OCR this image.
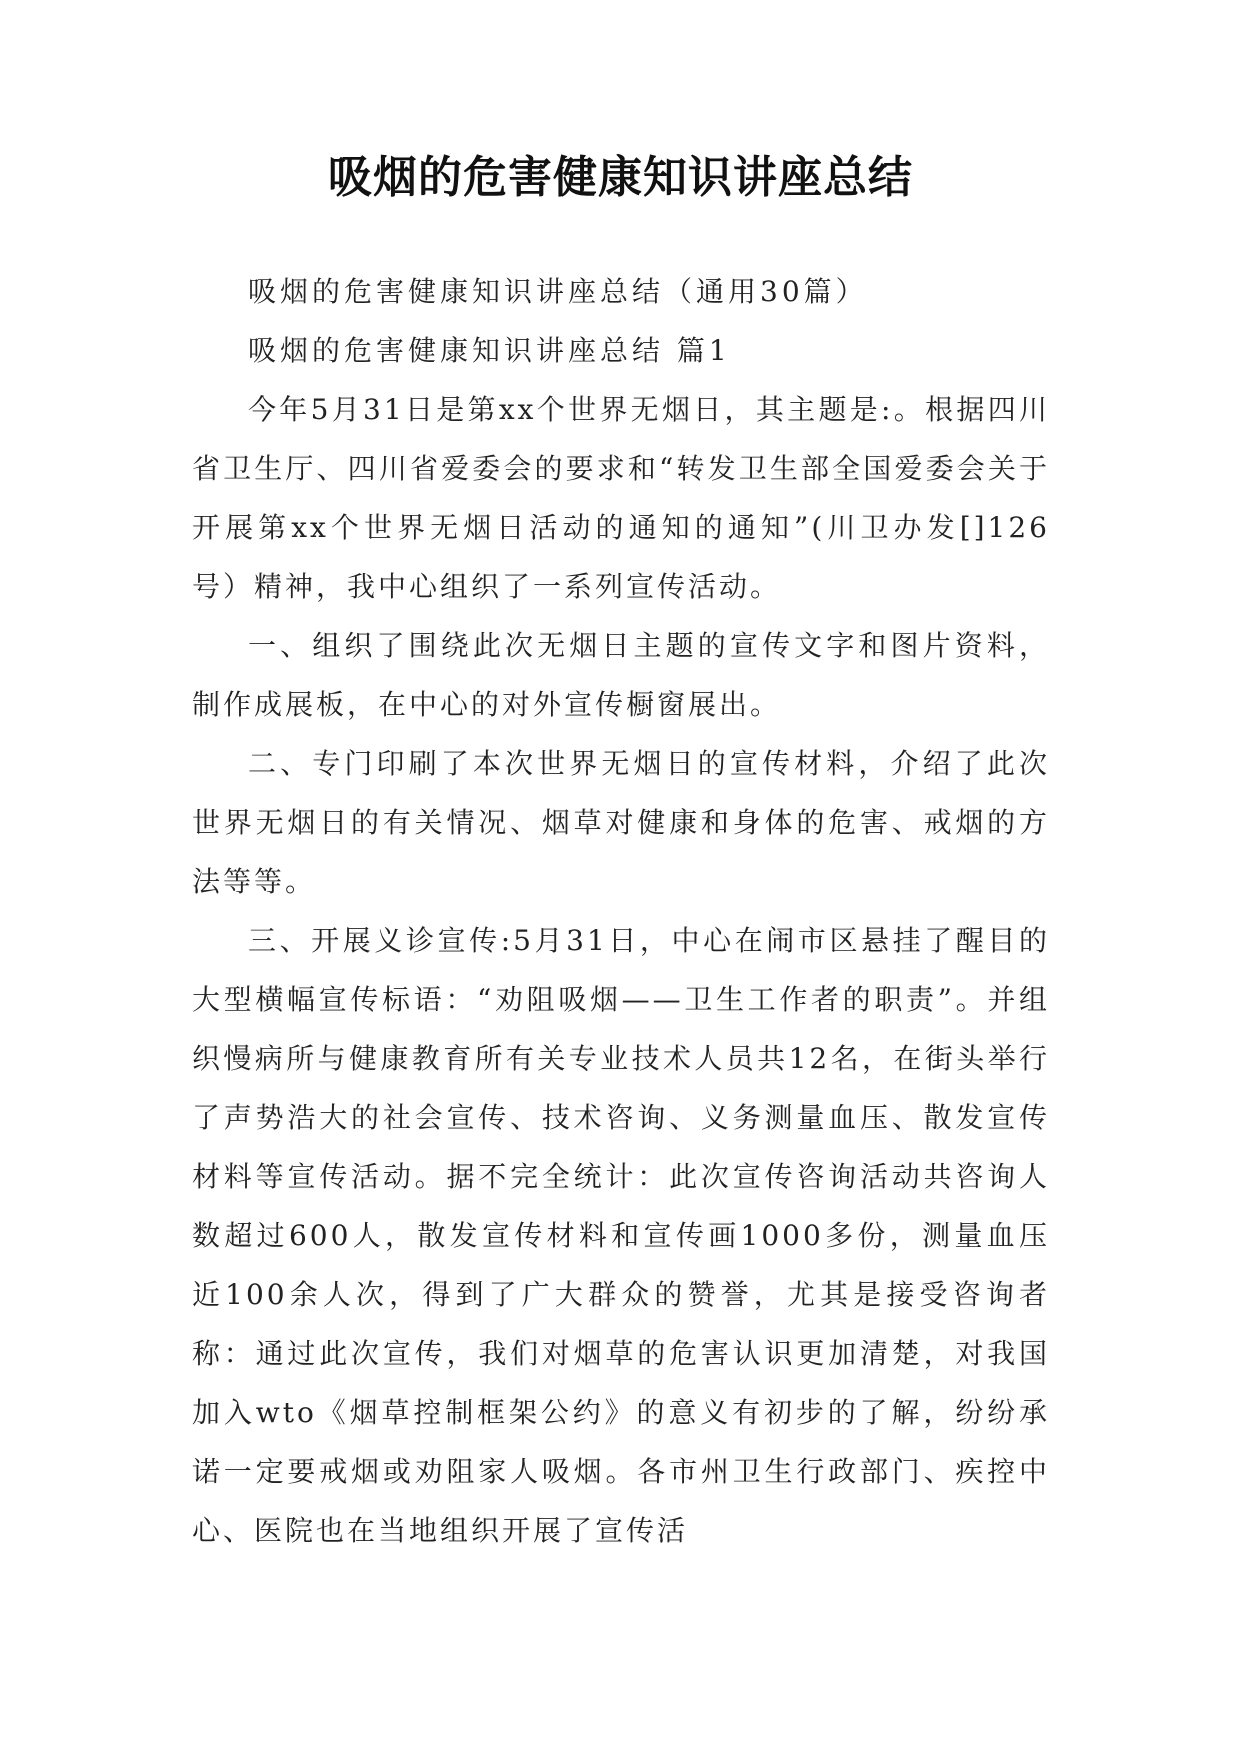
吸烟的危害健康知识讲座总结

吸烟的危害健康知识讲座总结（通用30篇）

吸烟的危害健康知识讲座总结 篇1

今年5月31日是第xx个世界无烟日，其主题是:。根据四川省卫生厅、四川省爱委会的要求和“转发卫生部全国爱委会关于开展第xx个世界无烟日活动的通知的通知”(川卫办发[]126号）精神，我中心组织了一系列宣传活动。

一、组织了围绕此次无烟日主题的宣传文字和图片资料，制作成展板，在中心的对外宣传橱窗展出。

二、专门印刷了本次世界无烟日的宣传材料，介绍了此次世界无烟日的有关情况、烟草对健康和身体的危害、戒烟的方法等等。

三、开展义诊宣传:5月31日，中心在闹市区悬挂了醒目的大型横幅宣传标语：“劝阻吸烟——卫生工作者的职责”。并组织慢病所与健康教育所有关专业技术人员共12名，在街头举行了声势浩大的社会宣传、技术咨询、义务测量血压、散发宣传材料等宣传活动。据不完全统计：此次宣传咨询活动共咨询人数超过600人，散发宣传材料和宣传画1000多份，测量血压近100余人次，得到了广大群众的赞誉，尤其是接受咨询者称：通过此次宣传，我们对烟草的危害认识更加清楚，对我国加入wto《烟草控制框架公约》的意义有初步的了解，纷纷承诺一定要戒烟或劝阻家人吸烟。各市州卫生行政部门、疾控中心、医院也在当地组织开展了宣传活
